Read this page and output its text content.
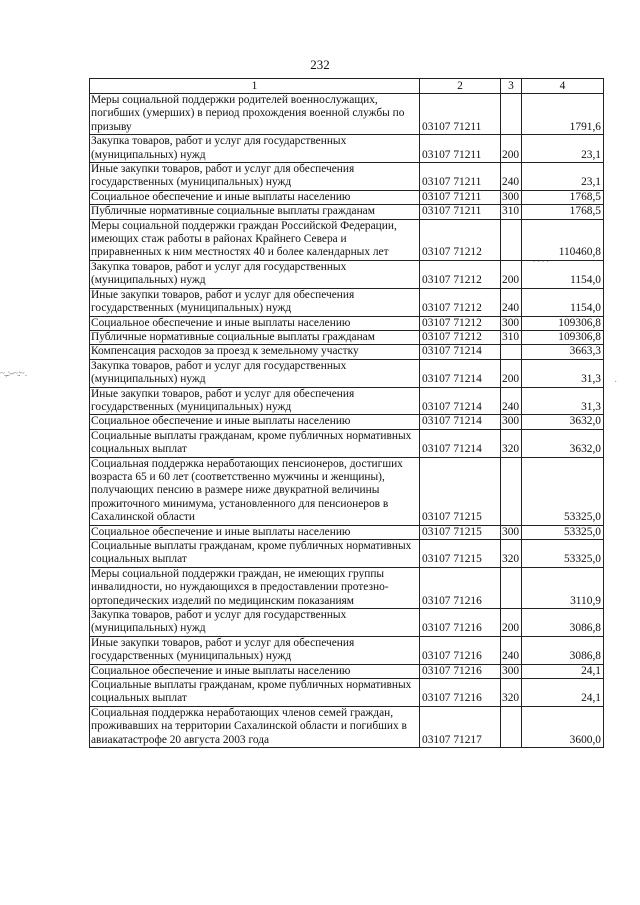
232
1	2	3	4
Меры социальной поддержки родителей военнослужащих, погибших (умерших) в период прохождения военной службы по призыву	03107 71211		1791,6
Закупка товаров, работ и услуг для государственных (муниципальных) нужд	03107 71211	200	23,1
Иные закупки товаров, работ и услуг для обеспечения государственных (муниципальных) нужд	03107 71211	240	23,1
Социальное обеспечение и иные выплаты населению	03107 71211	300	1768,5
Публичные нормативные социальные выплаты гражданам	03107 71211	310	1768,5
Меры социальной поддержки граждан Российской Федерации, имеющих стаж работы в районах Крайнего Севера и приравненных к ним местностях 40 и более календарных лет	03107 71212		110460,8
Закупка товаров, работ и услуг для государственных (муниципальных) нужд	03107 71212	200	1154,0
Иные закупки товаров, работ и услуг для обеспечения государственных (муниципальных) нужд	03107 71212	240	1154,0
Социальное обеспечение и иные выплаты населению	03107 71212	300	109306,8
Публичные нормативные социальные выплаты гражданам	03107 71212	310	109306,8
Компенсация расходов за проезд к земельному участку	03107 71214		3663,3
Закупка товаров, работ и услуг для государственных (муниципальных) нужд	03107 71214	200	31,3
Иные закупки товаров, работ и услуг для обеспечения государственных (муниципальных) нужд	03107 71214	240	31,3
Социальное обеспечение и иные выплаты населению	03107 71214	300	3632,0
Социальные выплаты гражданам, кроме публичных нормативных социальных выплат	03107 71214	320	3632,0
Социальная поддержка неработающих пенсионеров, достигших возраста 65 и 60 лет (соответственно мужчины и женщины), получающих пенсию в размере ниже двукратной величины прожиточного минимума, установленного для пенсионеров в Сахалинской области	03107 71215		53325,0
Социальное обеспечение и иные выплаты населению	03107 71215	300	53325,0
Социальные выплаты гражданам, кроме публичных нормативных социальных выплат	03107 71215	320	53325,0
Меры социальной поддержки граждан, не имеющих группы инвалидности, но нуждающихся в предоставлении протезно-ортопедических изделий по медицинским показаниям	03107 71216		3110,9
Закупка товаров, работ и услуг для государственных (муниципальных) нужд	03107 71216	200	3086,8
Иные закупки товаров, работ и услуг для обеспечения государственных (муниципальных) нужд	03107 71216	240	3086,8
Социальное обеспечение и иные выплаты населению	03107 71216	300	24,1
Социальные выплаты гражданам, кроме публичных нормативных социальных выплат	03107 71216	320	24,1
Социальная поддержка неработающих членов семей граждан, проживавших на территории Сахалинской области и погибших в авиакатастрофе 20 августа 2003 года	03107 71217		3600,0
~.,.:--~.:~ .
·
. . . .
